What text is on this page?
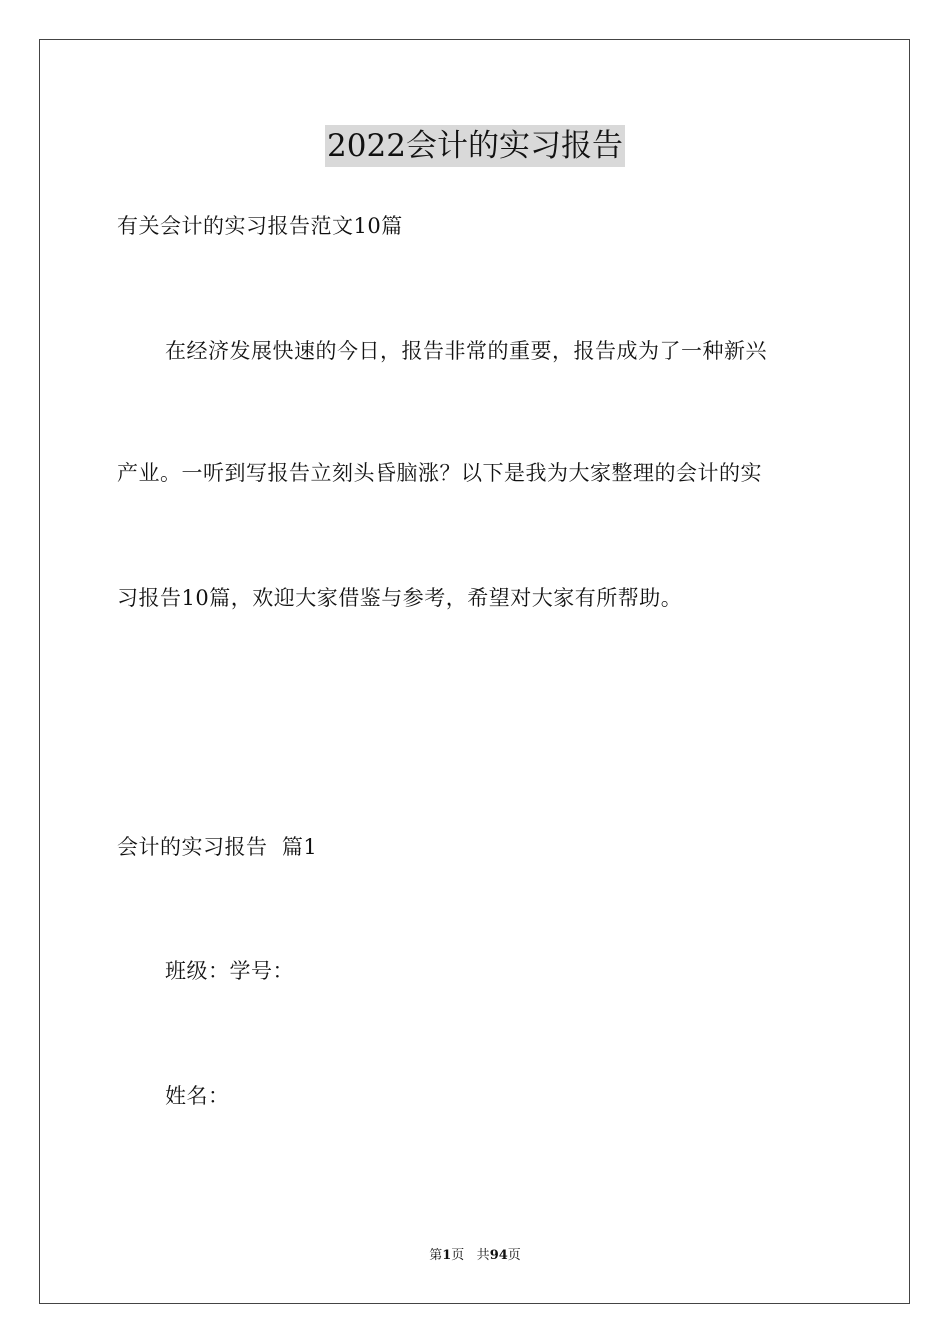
2022会计的实习报告
有关会计的实习报告范文10篇
在经济发展快速的今日，报告非常的重要，报告成为了一种新兴
产业。一听到写报告立刻头昏脑涨？以下是我为大家整理的会计的实
习报告10篇，欢迎大家借鉴与参考，希望对大家有所帮助。
会计的实习报告  篇1
班级：学号：
姓名：
第1页 共94页
